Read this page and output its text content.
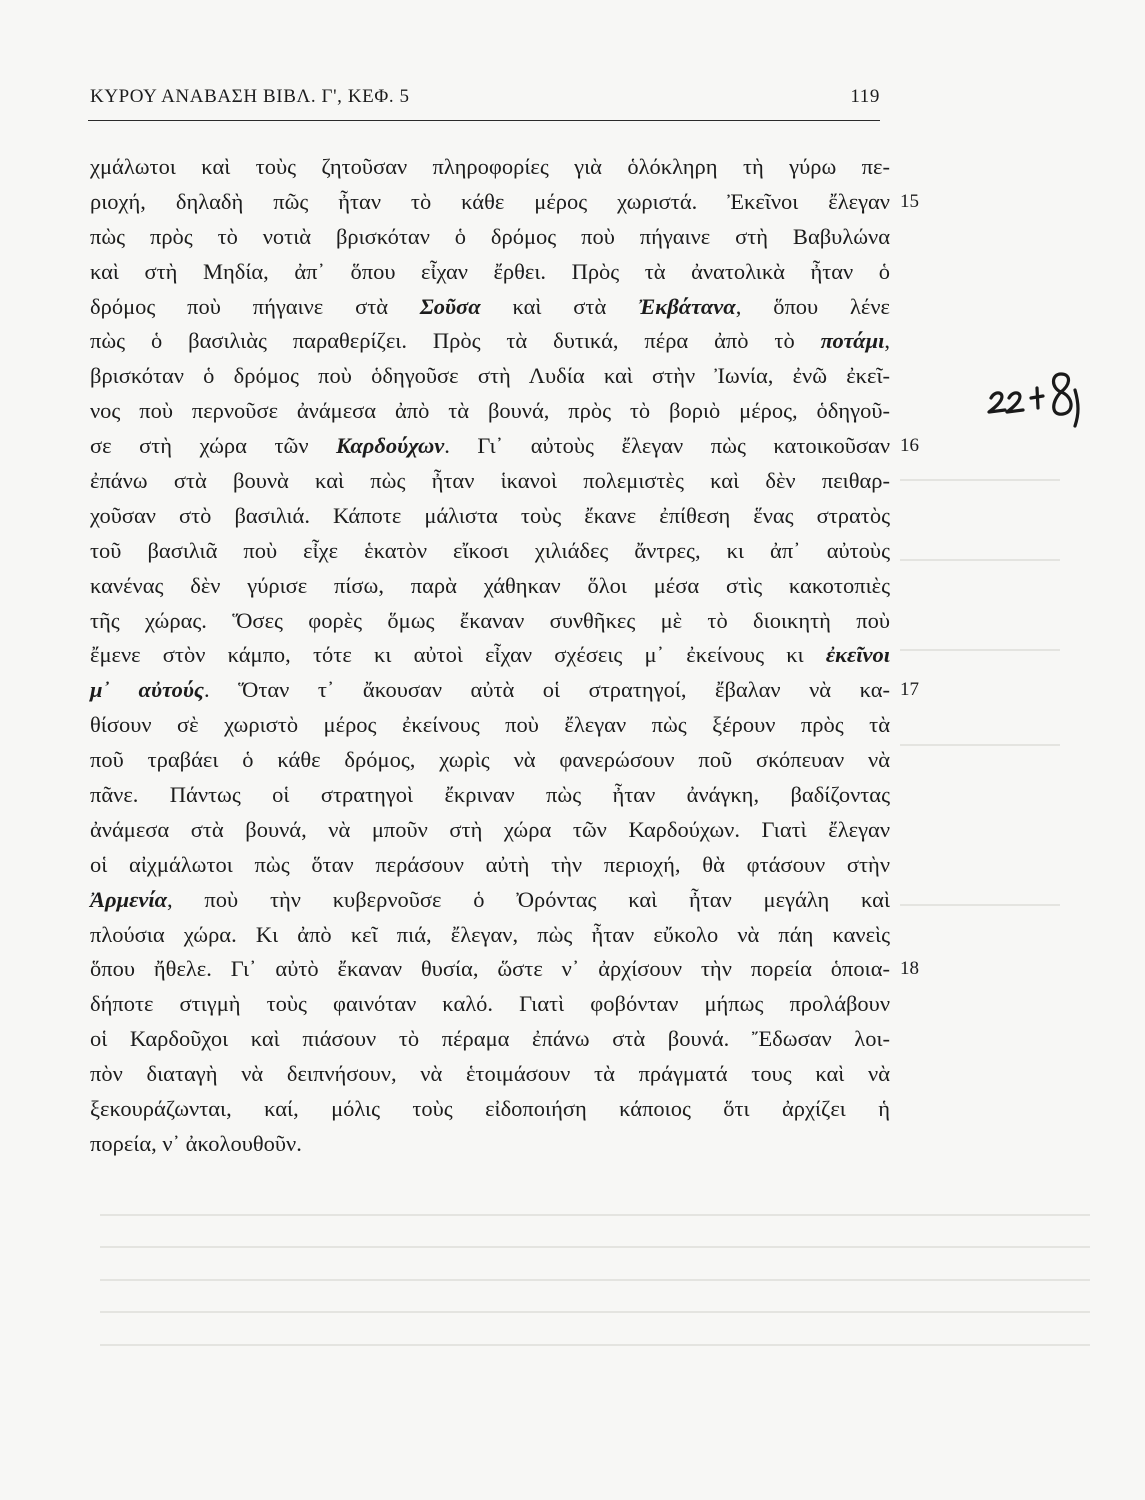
ΚΥΡΟΥ ΑΝΑΒΑΣΗ ΒΙΒΛ. Γ', ΚΕΦ. 5	119
χμάλωτοι καὶ τοὺς ζητοῦσαν πληροφορίες γιὰ ὁλόκληρη τὴ γύρω πε-
ριοχή, δηλαδὴ πῶς ἦταν τὸ κάθε μέρος χωριστά. Ἐκεῖνοι ἔλεγαν 15
πὼς πρὸς τὸ νοτιὰ βρισκόταν ὁ δρόμος ποὺ πήγαινε στὴ Βαβυλώνα
καὶ στὴ Μηδία, ἀπ᾿ ὅπου εἶχαν ἔρθει. Πρὸς τὰ ἀνατολικὰ ἦταν ὁ
δρόμος ποὺ πήγαινε στὰ Σοῦσα καὶ στὰ Ἐκβάτανα, ὅπου λένε
πὼς ὁ βασιλιὰς παραθερίζει. Πρὸς τὰ δυτικά, πέρα ἀπὸ τὸ ποτάμι,
βρισκόταν ὁ δρόμος ποὺ ὁδηγοῦσε στὴ Λυδία καὶ στὴν Ἰωνία, ἐνῶ ἐκεῖ-
νος ποὺ περνοῦσε ἀνάμεσα ἀπὸ τὰ βουνά, πρὸς τὸ βοριὸ μέρος, ὁδηγοῦ-
σε στὴ χώρα τῶν Καρδούχων. Γι᾿ αὐτοὺς ἔλεγαν πὼς κατοικοῦσαν 16
ἐπάνω στὰ βουνὰ καὶ πὼς ἦταν ἱκανοὶ πολεμιστὲς καὶ δὲν πειθαρ-
χοῦσαν στὸ βασιλιά. Κάποτε μάλιστα τοὺς ἔκανε ἐπίθεση ἕνας στρατὸς
τοῦ βασιλιᾶ ποὺ εἶχε ἑκατὸν εἴκοσι χιλιάδες ἄντρες, κι ἀπ᾿ αὐτοὺς
κανένας δὲν γύρισε πίσω, παρὰ χάθηκαν ὅλοι μέσα στὶς κακοτοπιὲς
τῆς χώρας. Ὅσες φορὲς ὅμως ἔκαναν συνθῆκες μὲ τὸ διοικητὴ ποὺ
ἔμενε στὸν κάμπο, τότε κι αὐτοὶ εἶχαν σχέσεις μ᾿ ἐκείνους κι ἐκεῖνοι
μ᾿ αὐτούς. Ὅταν τ᾿ ἄκουσαν αὐτὰ οἱ στρατηγοί, ἔβαλαν νὰ κα- 17
θίσουν σὲ χωριστὸ μέρος ἐκείνους ποὺ ἔλεγαν πὼς ξέρουν πρὸς τὰ
ποῦ τραβάει ὁ κάθε δρόμος, χωρὶς νὰ φανερώσουν ποῦ σκόπευαν νὰ
πᾶνε. Πάντως οἱ στρατηγοὶ ἔκριναν πὼς ἦταν ἀνάγκη, βαδίζοντας
ἀνάμεσα στὰ βουνά, νὰ μποῦν στὴ χώρα τῶν Καρδούχων. Γιατὶ ἔλεγαν
οἱ αἰχμάλωτοι πὼς ὅταν περάσουν αὐτὴ τὴν περιοχή, θὰ φτάσουν στὴν
Ἀρμενία, ποὺ τὴν κυβερνοῦσε ὁ Ὀρόντας καὶ ἦταν μεγάλη καὶ
πλούσια χώρα. Κι ἀπὸ κεῖ πιά, ἔλεγαν, πὼς ἦταν εὔκολο νὰ πάη κανεὶς
ὅπου ἤθελε. Γι᾿ αὐτὸ ἔκαναν θυσία, ὥστε ν᾿ ἀρχίσουν τὴν πορεία ὁποια- 18
δήποτε στιγμὴ τοὺς φαινόταν καλό. Γιατὶ φοβόνταν μήπως προλάβουν
οἱ Καρδοῦχοι καὶ πιάσουν τὸ πέραμα ἐπάνω στὰ βουνά. Ἔδωσαν λοι-
πὸν διαταγὴ νὰ δειπνήσουν, νὰ ἑτοιμάσουν τὰ πράγματά τους καὶ νὰ
ξεκουράζωνται, καί, μόλις τοὺς εἰδοποιήση κάποιος ὅτι ἀρχίζει ἡ
πορεία, ν᾿ ἀκολουθοῦν.
